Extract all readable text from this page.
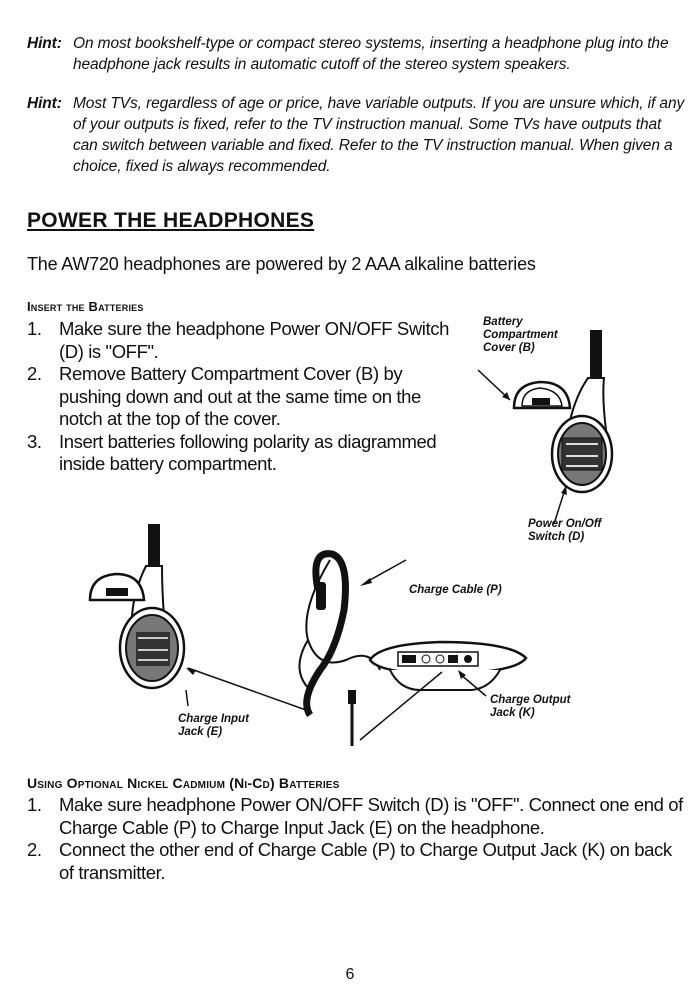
Hint: On most bookshelf-type or compact stereo systems, inserting a headphone plug into the headphone jack results in automatic cutoff of the stereo system speakers.
Hint: Most TVs, regardless of age or price, have variable outputs. If you are unsure which, if any of your outputs is fixed, refer to the TV instruction manual. Some TVs have outputs that can switch between variable and fixed. Refer to the TV instruction manual. When given a choice, fixed is always recommended.
POWER THE HEADPHONES
The AW720 headphones are powered by 2 AAA alkaline batteries
Insert the Batteries
1. Make sure the headphone Power ON/OFF Switch (D) is "OFF".
2. Remove Battery Compartment Cover (B) by pushing down and out at the same time on the notch at the top of the cover.
3. Insert batteries following polarity as diagrammed inside battery compartment.
Battery Compartment Cover (B)
Power On/Off Switch (D)
Charge Cable (P)
Charge Input Jack (E)
Charge Output Jack (K)
Using Optional Nickel Cadmium (Ni-Cd) Batteries
1. Make sure headphone Power ON/OFF Switch (D) is "OFF". Connect one end of Charge Cable (P) to Charge Input Jack (E) on the headphone.
2. Connect the other end of Charge Cable (P) to Charge Output Jack (K) on back of transmitter.
6
